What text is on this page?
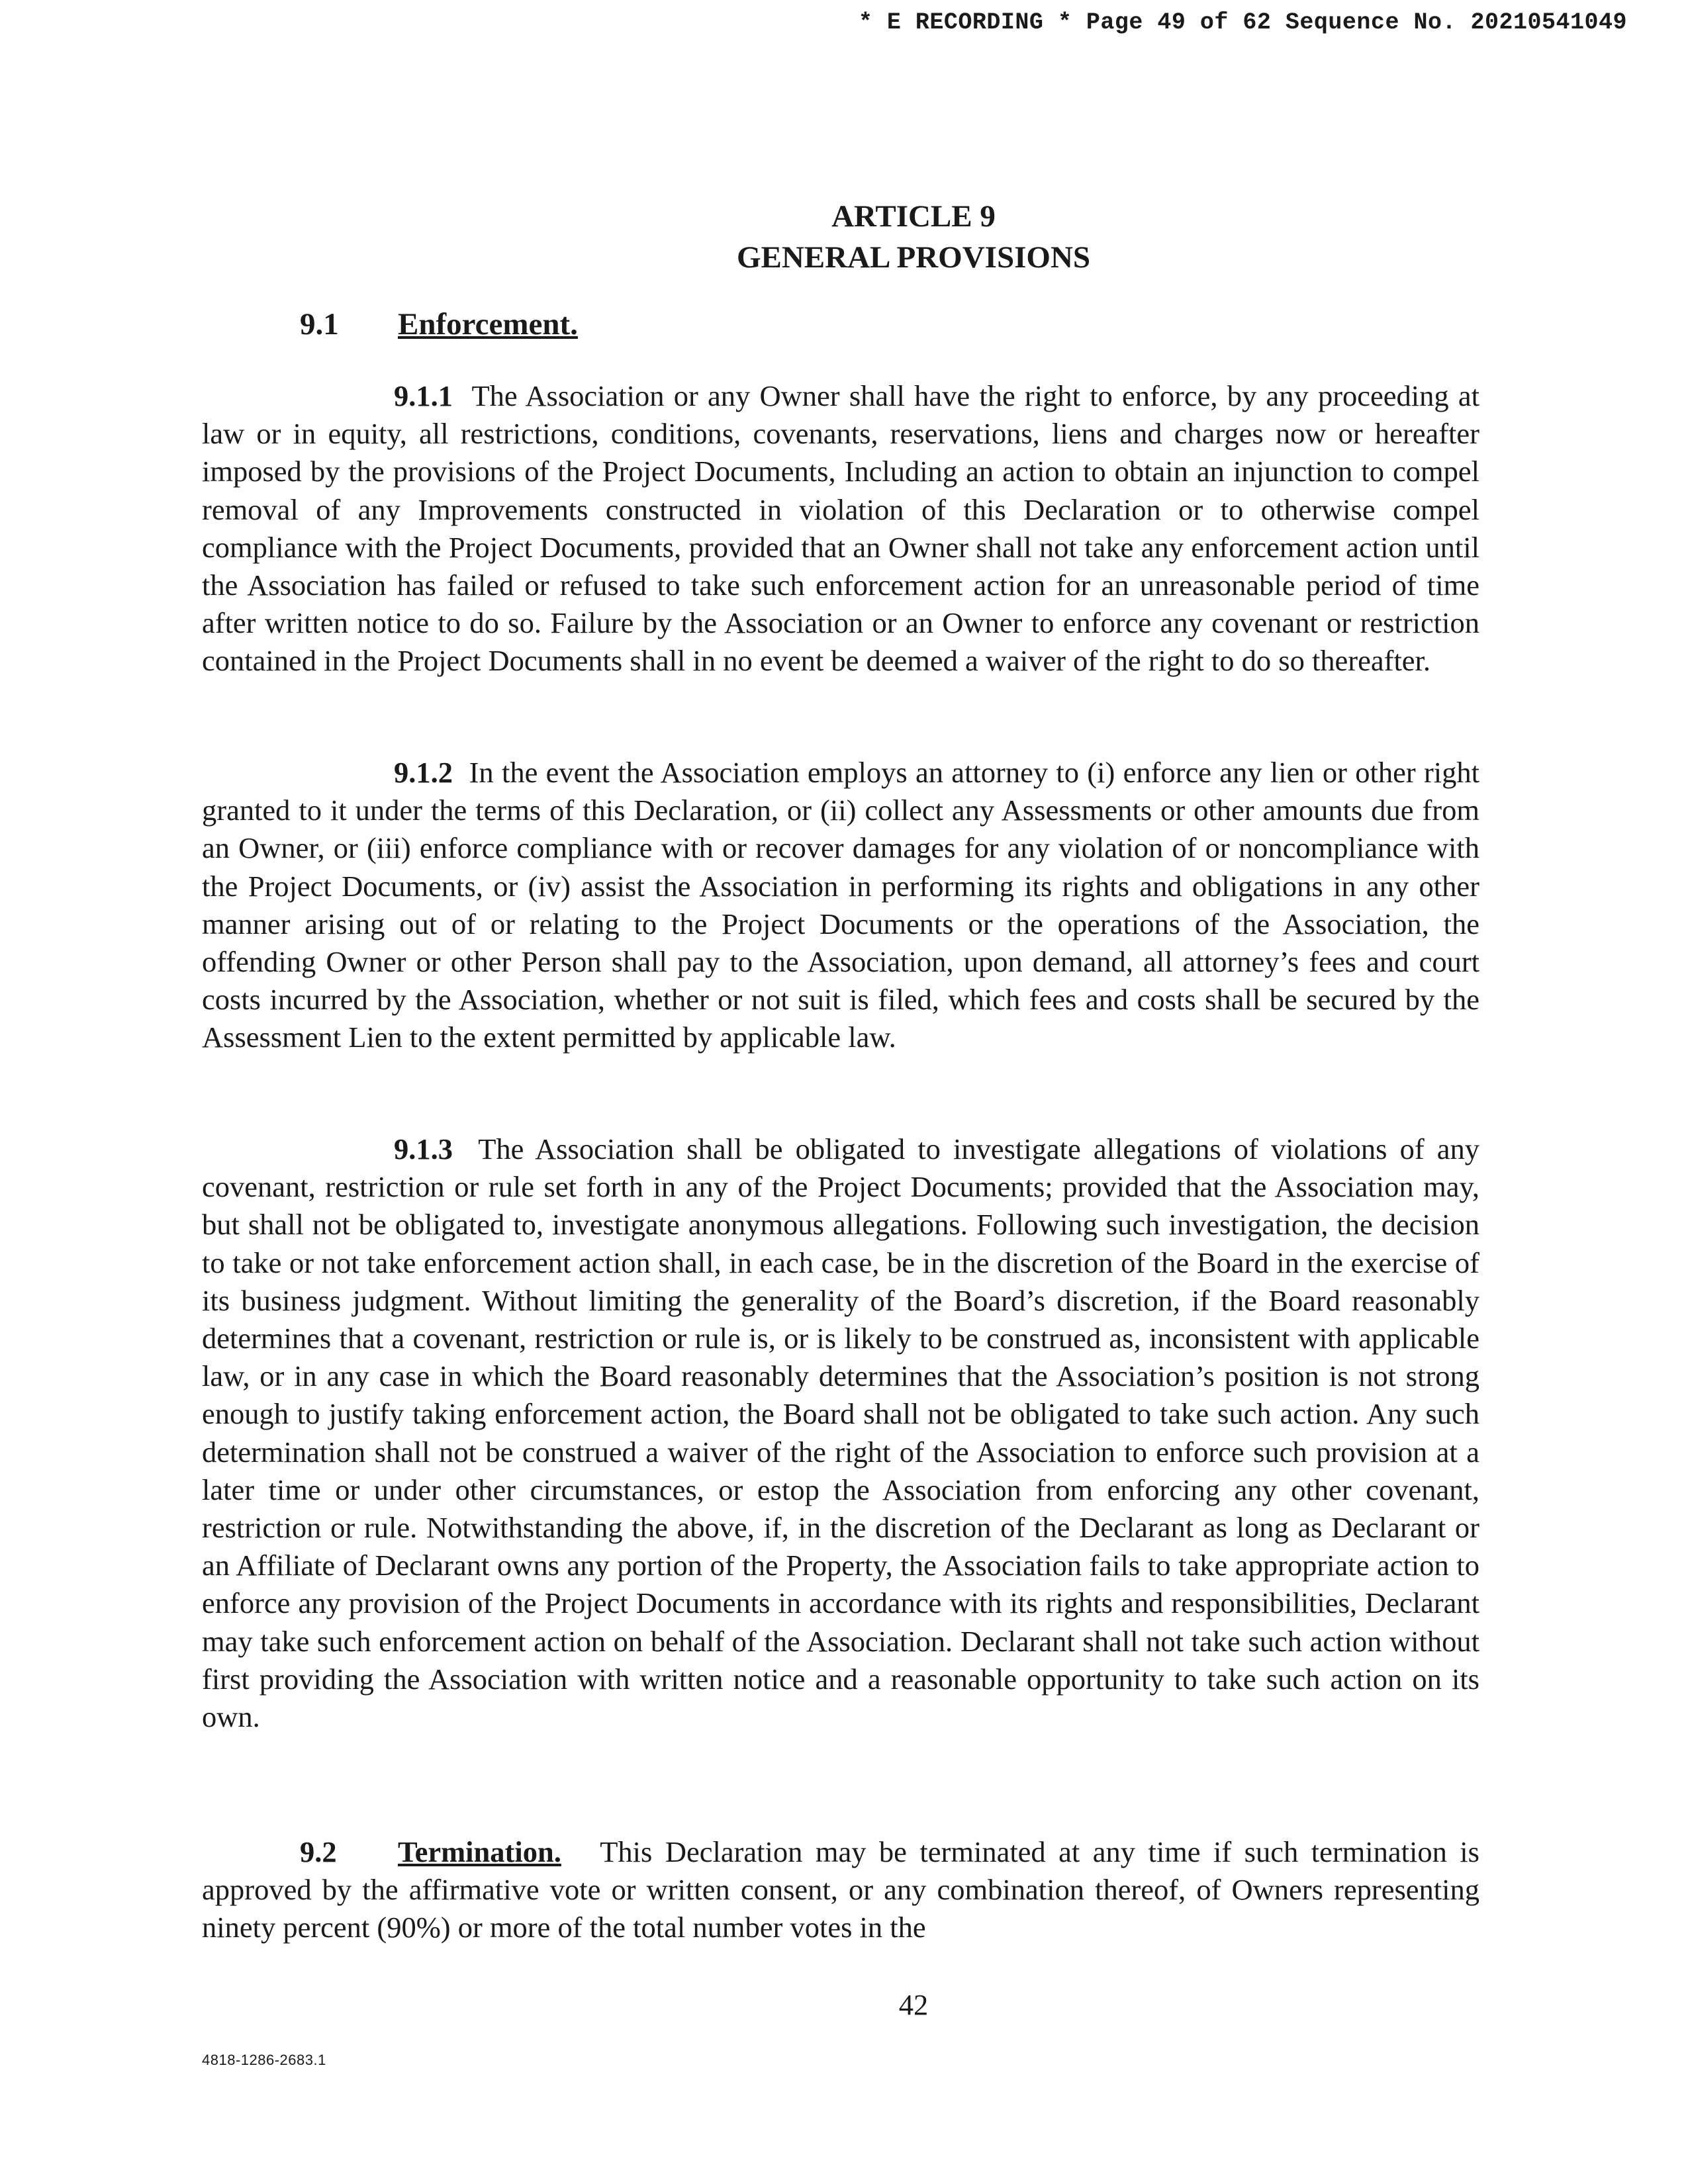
* E RECORDING * Page 49 of 62 Sequence No. 20210541049
ARTICLE 9
GENERAL PROVISIONS
9.1 Enforcement.

9.1.1 The Association or any Owner shall have the right to enforce, by any proceeding at law or in equity, all restrictions, conditions, covenants, reservations, liens and charges now or hereafter imposed by the provisions of the Project Documents, Including an action to obtain an injunction to compel removal of any Improvements constructed in violation of this Declaration or to otherwise compel compliance with the Project Documents, provided that an Owner shall not take any enforcement action until the Association has failed or refused to take such enforcement action for an unreasonable period of time after written notice to do so. Failure by the Association or an Owner to enforce any covenant or restriction contained in the Project Documents shall in no event be deemed a waiver of the right to do so thereafter.

9.1.2 In the event the Association employs an attorney to (i) enforce any lien or other right granted to it under the terms of this Declaration, or (ii) collect any Assessments or other amounts due from an Owner, or (iii) enforce compliance with or recover damages for any violation of or noncompliance with the Project Documents, or (iv) assist the Association in performing its rights and obligations in any other manner arising out of or relating to the Project Documents or the operations of the Association, the offending Owner or other Person shall pay to the Association, upon demand, all attorney’s fees and court costs incurred by the Association, whether or not suit is filed, which fees and costs shall be secured by the Assessment Lien to the extent permitted by applicable law.

9.1.3 The Association shall be obligated to investigate allegations of violations of any covenant, restriction or rule set forth in any of the Project Documents; provided that the Association may, but shall not be obligated to, investigate anonymous allegations. Following such investigation, the decision to take or not take enforcement action shall, in each case, be in the discretion of the Board in the exercise of its business judgment. Without limiting the generality of the Board’s discretion, if the Board reasonably determines that a covenant, restriction or rule is, or is likely to be construed as, inconsistent with applicable law, or in any case in which the Board reasonably determines that the Association’s position is not strong enough to justify taking enforcement action, the Board shall not be obligated to take such action. Any such determination shall not be construed a waiver of the right of the Association to enforce such provision at a later time or under other circumstances, or estop the Association from enforcing any other covenant, restriction or rule. Notwithstanding the above, if, in the discretion of the Declarant as long as Declarant or an Affiliate of Declarant owns any portion of the Property, the Association fails to take appropriate action to enforce any provision of the Project Documents in accordance with its rights and responsibilities, Declarant may take such enforcement action on behalf of the Association. Declarant shall not take such action without first providing the Association with written notice and a reasonable opportunity to take such action on its own.

9.2 Termination. This Declaration may be terminated at any time if such termination is approved by the affirmative vote or written consent, or any combination thereof, of Owners representing ninety percent (90%) or more of the total number votes in the

42
4818-1286-2683.1
